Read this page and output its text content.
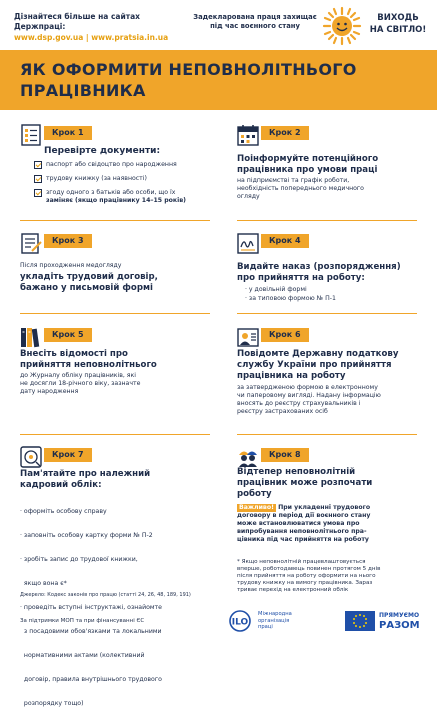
Дізнайтеся більше на сайтах Держпраці:
www.dsp.gov.ua | www.pratsia.in.ua
Задекларована праця захищає
під час воєнного стану
ВИХОДЬ
НА СВІТЛО!
ЯК ОФОРМИТИ НЕПОВНОЛІТНЬОГО
ПРАЦІВНИКА
Крок 1
Перевірте документи:
паспорт або свідоцтво про народження
трудову книжку (за наявності)
згоду одного з батьків або особи, що їх
заміняє (якщо працівнику 14–15 років)
Крок 2
Поінформуйте потенційного
працівника про умови праці
на підприємстві та графік роботи,
необхідність попереднього медичного
огляду
Крок 3
Після проходження медогляду
укладіть трудовий договір,
бажано у письмовій формі
Крок 4
Видайте наказ (розпорядження)
про прийняття на роботу:
· у довільній формі
· за типовою формою № П-1
Крок 5
Внесіть відомості про
прийняття неповнолітнього
до Журналу обліку працівників, які
не досягли 18-річного віку, зазначте
дату народження
Крок 6
Повідомте Державну податкову
службу України про прийняття
працівника на роботу
за затвердженою формою в електронному
чи паперовому вигляді. Надану інформацію
вносять до реєстру страхувальників і
реєстру застрахованих осіб
Крок 7
Пам'ятайте про належний
кадровий облік:

· оформіть особову справу

· заповніть особову картку форми № П-2

· зробіть запис до трудової книжки,

якщо вона є*

· проведіть вступні інструктажі, ознайомте

з посадовими обов'язками та локальними

нормативними актами (колективний

договір, правила внутрішнього трудового

розпорядку тощо)

Крок 8
Відтепер неповнолітній
працівник може розпочати
роботу
Важливо! При укладенні трудового
договору в період дії воєнного стану
може встановлюватися умова про
випробування неповнолітнього пра-
цівника під час прийняття на роботу
* Якщо неповнолітній працевлаштовується
вперше, роботодавець повинен протягом 5 днів
після прийняття на роботу оформити на нього
трудову книжку на вимогу працівника. Зараз
триває перехід на електронний облік
Джерело: Кодекс законів про працю (статті 24, 26, 48, 189, 191)
За підтримки МОП та при фінансуванні ЄС	ILO
Міжнародна
організація
праці
ПРЯМУЄМО
РАЗОМ
